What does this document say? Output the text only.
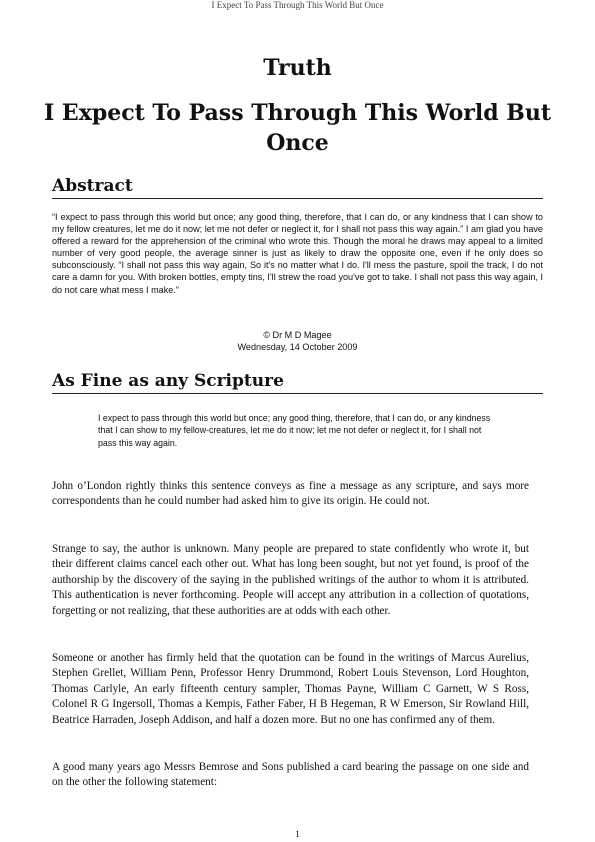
I Expect To Pass Through This World But Once
Truth
I Expect To Pass Through This World But Once
Abstract

“I expect to pass through this world but once; any good thing, therefore, that I can do, or any kindness that I can show to my fellow creatures, let me do it now; let me not defer or neglect it, for I shall not pass this way again.” I am glad you have offered a reward for the apprehension of the criminal who wrote this. Though the moral he draws may appeal to a limited number of very good people, the average sinner is just as likely to draw the opposite one, even if he only does so subconsciously. “I shall not pass this way again, So it's no matter what I do. I'll mess the pasture, spoil the track, I do not care a damn for you. With broken bottles, empty tins, I'll strew the road you've got to take. I shall not pass this way again, I do not care what mess I make.”

© Dr M D Magee
Wednesday, 14 October 2009
As Fine as any Scripture

I expect to pass through this world but once; any good thing, therefore, that I can do, or any kindness that I can show to my fellow-creatures, let me do it now; let me not defer or neglect it, for I shall not pass this way again.

John o’London rightly thinks this sentence conveys as fine a message as any scripture, and says more correspondents than he could number had asked him to give its origin. He could not.

Strange to say, the author is unknown. Many people are prepared to state confidently who wrote it, but their different claims cancel each other out. What has long been sought, but not yet found, is proof of the authorship by the discovery of the saying in the published writings of the author to whom it is attributed. This authentication is never forthcoming. People will accept any attribution in a collection of quotations, forgetting or not realizing, that these authorities are at odds with each other.

Someone or another has firmly held that the quotation can be found in the writings of Marcus Aurelius, Stephen Grellet, William Penn, Professor Henry Drummond, Robert Louis Stevenson, Lord Houghton, Thomas Carlyle, An early fifteenth century sampler, Thomas Payne, William C Garnett, W S Ross, Colonel R G Ingersoll, Thomas a Kempis, Father Faber, H B Hegeman, R W Emerson, Sir Rowland Hill, Beatrice Harraden, Joseph Addison, and half a dozen more. But no one has confirmed any of them.

A good many years ago Messrs Bemrose and Sons published a card bearing the passage on one side and on the other the following statement:

1
